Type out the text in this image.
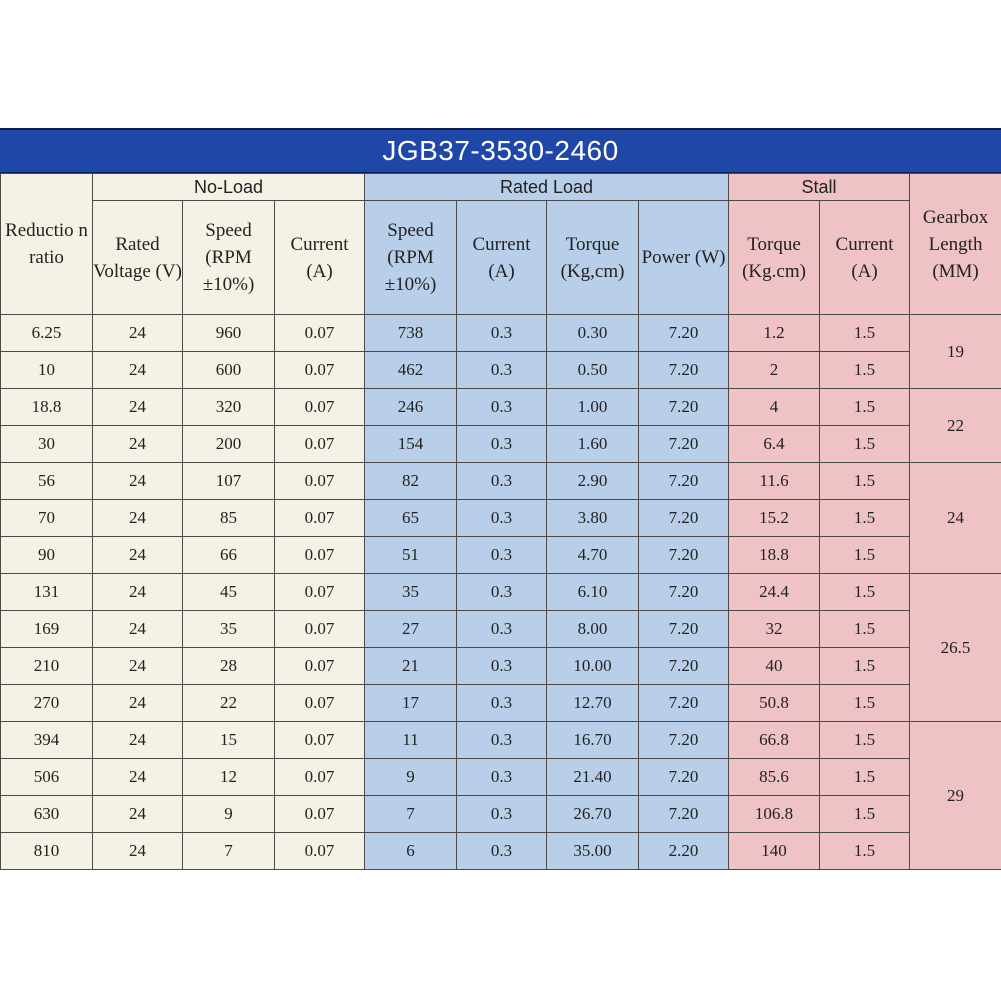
JGB37-3530-2460
Reductio n ratio	No-Load			Rated Load				Stall		Gearbox Length (MM)
	Rated Voltage (V)	Speed (RPM ±10%)	Current (A)	Speed (RPM ±10%)	Current (A)	Torque (Kg,cm)	Power (W)	Torque (Kg.cm)	Current (A)	
6.25	24	960	0.07	738	0.3	0.30	7.20	1.2	1.5	19
10	24	600	0.07	462	0.3	0.50	7.20	2	1.5	
18.8	24	320	0.07	246	0.3	1.00	7.20	4	1.5	22
30	24	200	0.07	154	0.3	1.60	7.20	6.4	1.5	
56	24	107	0.07	82	0.3	2.90	7.20	11.6	1.5	24
70	24	85	0.07	65	0.3	3.80	7.20	15.2	1.5	
90	24	66	0.07	51	0.3	4.70	7.20	18.8	1.5	
131	24	45	0.07	35	0.3	6.10	7.20	24.4	1.5	26.5
169	24	35	0.07	27	0.3	8.00	7.20	32	1.5	
210	24	28	0.07	21	0.3	10.00	7.20	40	1.5	
270	24	22	0.07	17	0.3	12.70	7.20	50.8	1.5	
394	24	15	0.07	11	0.3	16.70	7.20	66.8	1.5	29
506	24	12	0.07	9	0.3	21.40	7.20	85.6	1.5	
630	24	9	0.07	7	0.3	26.70	7.20	106.8	1.5	
810	24	7	0.07	6	0.3	35.00	2.20	140	1.5	
